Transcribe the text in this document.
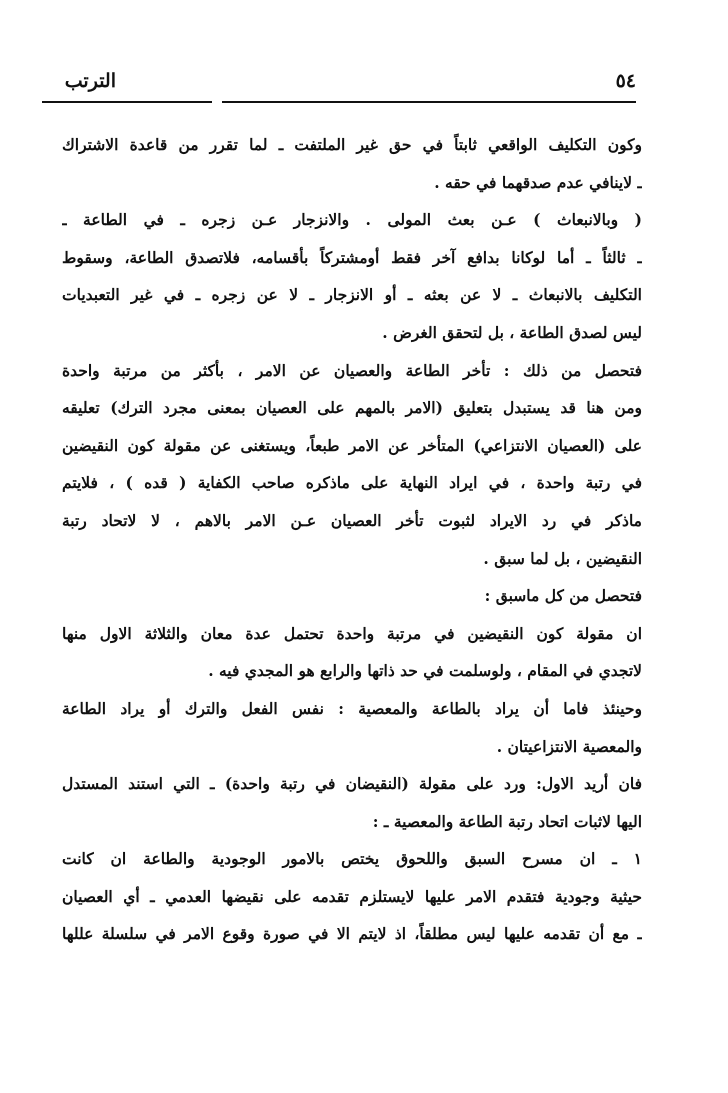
الترتب	٥٤
وكون التكليف الواقعي ثابتاً في حق غير الملتفت ـ لما تقرر من قاعدة الاشتراك
ـ لاينافي عدم صدقهما في حقه .
( وبالانبعاث ) عـن بعث المولى . والانزجار عـن زجره ـ في الطاعة ـ
ـ ثالثاً ـ أما لوكانا بدافع آخر فقط أومشتركاً بأقسامه، فلاتصدق الطاعة، وسقوط
التكليف بالانبعاث ـ لا عن بعثه ـ أو الانزجار ـ لا عن زجره ـ في غير التعبديات
ليس لصدق الطاعة ، بل لتحقق الغرض .
فتحصل من ذلك : تأخر الطاعة والعصيان عن الامر ، بأكثر من مرتبة واحدة
ومن هنا قد يستبدل بتعليق (الامر بالمهم على العصيان بمعنى مجرد الترك) تعليقه
على (العصيان الانتزاعي) المتأخر عن الامر طبعاً، ويستغنى عن مقولة كون النقيضين
في رتبة واحدة ، في ايراد النهاية على ماذكره صاحب الكفاية ( قده ) ، فلايتم
ماذكر في رد الايراد لثبوت تأخر العصيان عـن الامر بالاهم ، لا لاتحاد رتبة
النقيضين ، بل لما سبق .
فتحصل من كل ماسبق :
ان مقولة كون النقيضين في مرتبة واحدة تحتمل عدة معان والثلاثة الاول منها
لاتجدي في المقام ، ولوسلمت في حد ذاتها والرابع هو المجدي فيه .
وحينئذ فاما أن يراد بالطاعة والمعصية : نفس الفعل والترك أو يراد الطاعة
والمعصية الانتزاعيتان .
فان أريد الاول: ورد على مقولة (النقيضان في رتبة واحدة) ـ التي استند المستدل
اليها لاثبات اتحاد رتبة الطاعة والمعصية ـ :
١ ـ ان مسرح السبق واللحوق يختص بالامور الوجودية والطاعة ان كانت
حيثية وجودية فتقدم الامر عليها لايستلزم تقدمه على نقيضها العدمي ـ أي العصيان
ـ مع أن تقدمه عليها ليس مطلقاً، اذ لايتم الا في صورة وقوع الامر في سلسلة عللها
